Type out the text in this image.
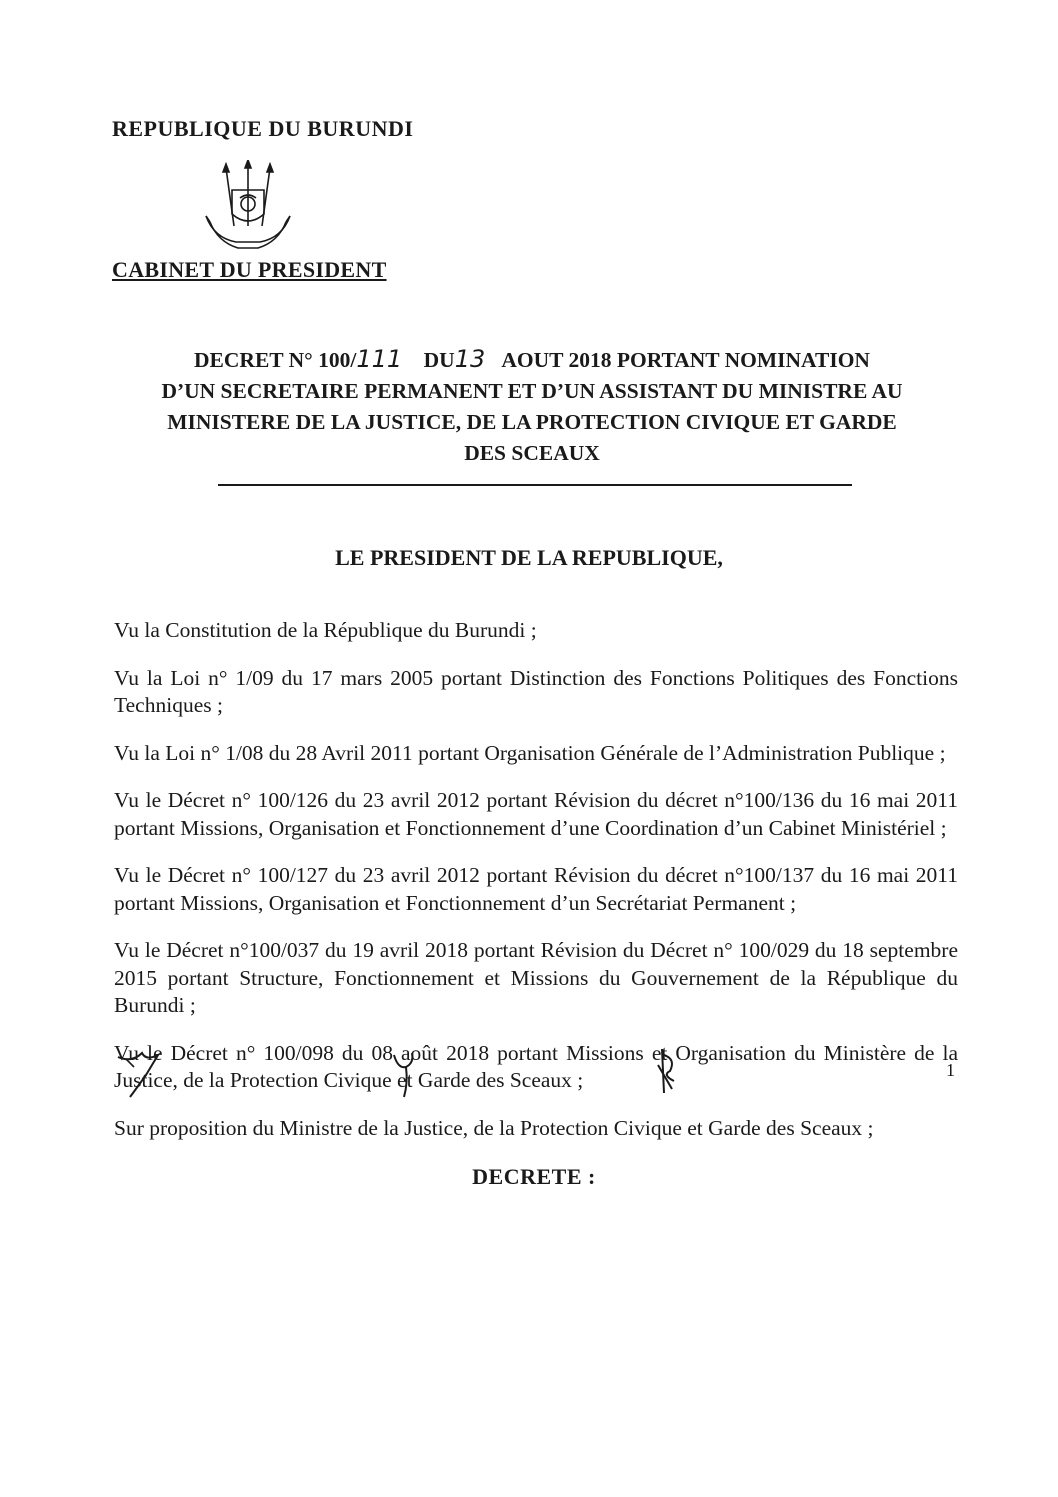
REPUBLIQUE DU BURUNDI
CABINET DU PRESIDENT
DECRET N° 100/111 DU13 AOUT 2018 PORTANT NOMINATION
D’UN SECRETAIRE PERMANENT ET D’UN ASSISTANT DU MINISTRE AU
MINISTERE DE LA JUSTICE, DE LA PROTECTION CIVIQUE ET GARDE
DES SCEAUX
LE PRESIDENT DE LA REPUBLIQUE,

Vu la Constitution de la République du Burundi ;

Vu la Loi n° 1/09 du 17 mars 2005 portant Distinction des Fonctions Politiques des Fonctions Techniques ;

Vu la Loi n° 1/08 du 28 Avril 2011 portant Organisation Générale de l’Administration Publique ;

Vu le Décret n° 100/126 du 23 avril 2012 portant Révision du décret n°100/136 du 16 mai 2011 portant Missions, Organisation et Fonctionnement d’une Coordination d’un Cabinet Ministériel ;

Vu le Décret n° 100/127 du 23 avril 2012 portant Révision du décret n°100/137 du 16 mai 2011 portant Missions, Organisation et Fonctionnement d’un Secrétariat Permanent ;

Vu le Décret n°100/037 du 19 avril 2018 portant Révision du Décret n° 100/029 du 18 septembre 2015 portant Structure, Fonctionnement et Missions du Gouvernement de la République du Burundi ;

Vu le Décret n° 100/098 du 08 août 2018 portant Missions et Organisation du Ministère de la Justice, de la Protection Civique et Garde des Sceaux ;

Sur proposition du Ministre de la Justice, de la Protection Civique et Garde des Sceaux ;

DECRETE :
1
